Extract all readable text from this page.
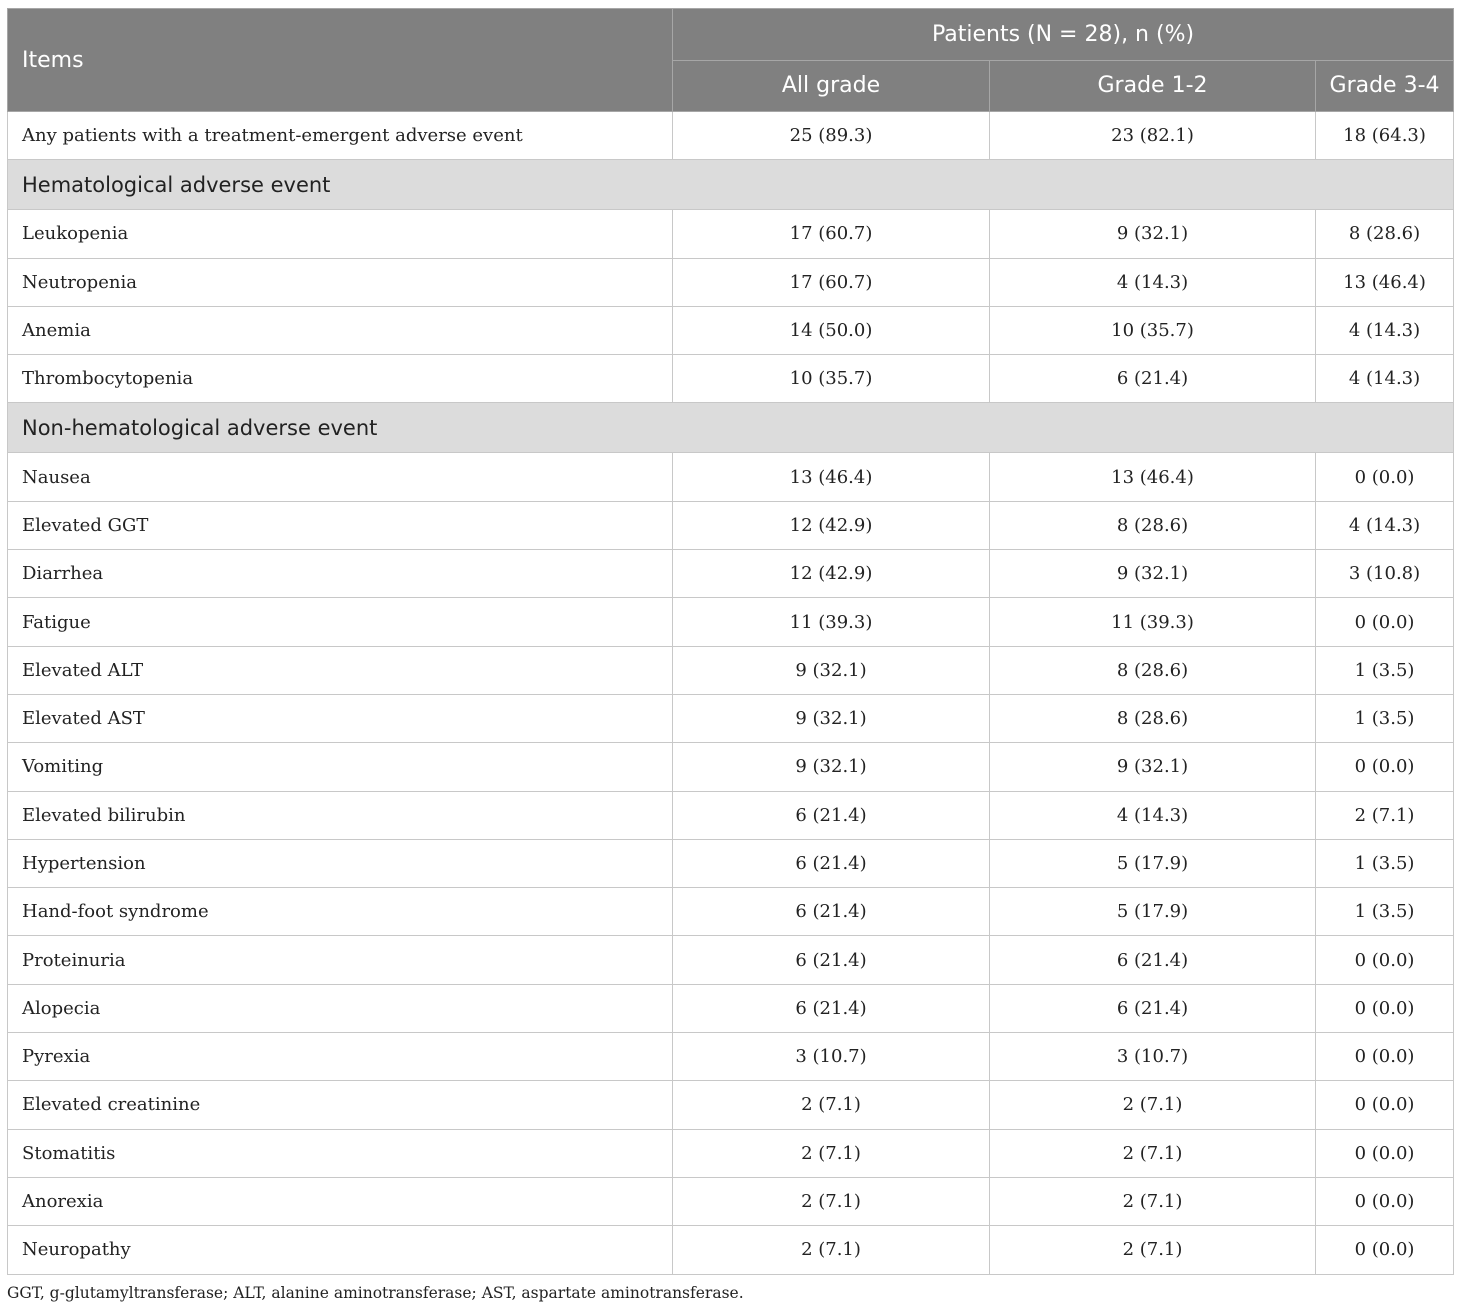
Items	Patients (N = 28), n (%)		
	All grade	Grade 1-2	Grade 3-4
Any patients with a treatment-emergent adverse event	25 (89.3)	23 (82.1)	18 (64.3)
Hematological adverse event			
Leukopenia	17 (60.7)	9 (32.1)	8 (28.6)
Neutropenia	17 (60.7)	4 (14.3)	13 (46.4)
Anemia	14 (50.0)	10 (35.7)	4 (14.3)
Thrombocytopenia	10 (35.7)	6 (21.4)	4 (14.3)
Non-hematological adverse event			
Nausea	13 (46.4)	13 (46.4)	0 (0.0)
Elevated GGT	12 (42.9)	8 (28.6)	4 (14.3)
Diarrhea	12 (42.9)	9 (32.1)	3 (10.8)
Fatigue	11 (39.3)	11 (39.3)	0 (0.0)
Elevated ALT	9 (32.1)	8 (28.6)	1 (3.5)
Elevated AST	9 (32.1)	8 (28.6)	1 (3.5)
Vomiting	9 (32.1)	9 (32.1)	0 (0.0)
Elevated bilirubin	6 (21.4)	4 (14.3)	2 (7.1)
Hypertension	6 (21.4)	5 (17.9)	1 (3.5)
Hand-foot syndrome	6 (21.4)	5 (17.9)	1 (3.5)
Proteinuria	6 (21.4)	6 (21.4)	0 (0.0)
Alopecia	6 (21.4)	6 (21.4)	0 (0.0)
Pyrexia	3 (10.7)	3 (10.7)	0 (0.0)
Elevated creatinine	2 (7.1)	2 (7.1)	0 (0.0)
Stomatitis	2 (7.1)	2 (7.1)	0 (0.0)
Anorexia	2 (7.1)	2 (7.1)	0 (0.0)
Neuropathy	2 (7.1)	2 (7.1)	0 (0.0)
GGT, g-glutamyltransferase; ALT, alanine aminotransferase; AST, aspartate aminotransferase.
